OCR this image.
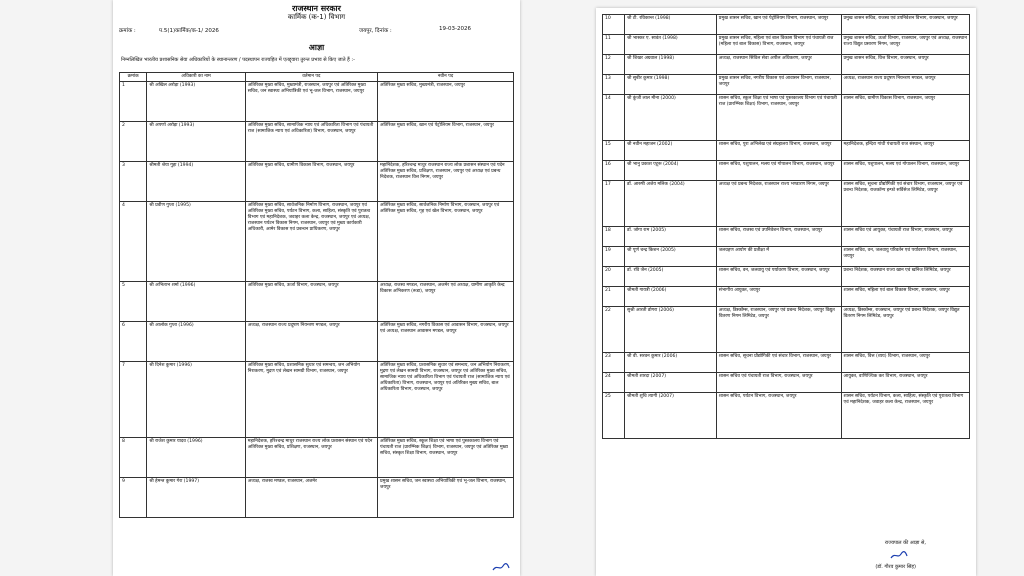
राजस्थान सरकार
कार्मिक (क-1) विभाग
क्रमांक :	प.5(1)कार्मिक/क-1/ 2026	जयपुर, दिनांक :	19-03-2026
आज्ञा
निम्नलिखित भारतीय प्रशासनिक सेवा अधिकारियों के स्थानान्तरण / पदस्थापन राज्यहित में एतद्द्वारा तुरन्त प्रभाव से किए जाते हैं :-
क्रमांक	अधिकारी का नाम	वर्तमान पद	नवीन पद
1	श्री अखिल अरोड़ा (1993)	अतिरिक्त मुख्य सचिव, मुख्यमंत्री, राजस्थान, जयपुर एवं अतिरिक्त मुख्य सचिव, जन स्वास्थ्य अभियांत्रिकी एवं भू-जल विभाग, राजस्थान, जयपुर	अतिरिक्त मुख्य सचिव, मुख्यमंत्री, राजस्थान, जयपुर
2	श्री अपर्णा अरोड़ा (1993)	अतिरिक्त मुख्य सचिव, सामाजिक न्याय एवं अधिकारिता विभाग एवं पंचायती राज (सामाजिक न्याय एवं अधिकारिता) विभाग, राजस्थान, जयपुर	अतिरिक्त मुख्य सचिव, खान एवं पेट्रोलियम विभाग, राजस्थान, जयपुर
3	श्रीमती श्रेया गुहा (1994)	अतिरिक्त मुख्य सचिव, ग्रामीण विकास विभाग, राजस्थान, जयपुर	महानिदेशक, हरिश्चन्द्र माथुर राजस्थान राज्य लोक प्रशासन संस्थान एवं पदेन अतिरिक्त मुख्य सचिव, प्रशिक्षण, राजस्थान, जयपुर एवं अध्यक्ष एवं प्रबन्ध निदेशक, राजस्थान वित्त निगम, जयपुर
4	श्री प्रवीण गुप्ता (1995)	अतिरिक्त मुख्य सचिव, सार्वजनिक निर्माण विभाग, राजस्थान, जयपुर एवं अतिरिक्त मुख्य सचिव, पर्यटन विभाग, कला, साहित्य, संस्कृति एवं पुरातत्व विभाग एवं महानिदेशक, जवाहर कला केन्द्र, राजस्थान, जयपुर एवं अध्यक्ष, राजस्थान पर्यटन विकास निगम, राजस्थान, जयपुर एवं मुख्य कार्यकारी अधिकारी, आमेर विकास एवं प्रबन्धन प्राधिकरण, जयपुर	अतिरिक्त मुख्य सचिव, सार्वजनिक निर्माण विभाग, राजस्थान, जयपुर एवं अतिरिक्त मुख्य सचिव, गृह एवं खेल विभाग, राजस्थान, जयपुर
5	श्री अभिताभ शर्मा (1996)	अतिरिक्त मुख्य सचिव, ऊर्जा विभाग, राजस्थान, जयपुर	अध्यक्ष, राजस्व मण्डल, राजस्थान, अजमेर एवं अध्यक्ष, ग्रामीण आकृति केन्द्र विकास अभिकरण (रूडा), जयपुर
6	श्री आलोक गुप्ता (1996)	अध्यक्ष, राजस्थान राज्य प्रदूषण नियन्त्रण मण्डल, जयपुर	अतिरिक्त मुख्य सचिव, नगरीय विकास एवं आवासन विभाग, राजस्थान, जयपुर एवं अध्यक्ष, राजस्थान आवासन मण्डल, जयपुर
7	श्री दिनेश कुमार (1996)	अतिरिक्त मुख्य सचिव, प्रशासनिक सुधार एवं समन्वय, जन अभियोग निराकरण, मुद्रण एवं लेखन सामग्री विभाग, राजस्थान, जयपुर	अतिरिक्त मुख्य सचिव, प्रशासनिक सुधार एवं समन्वय, जन अभियोग निराकरण, मुद्रण एवं लेखन सामग्री विभाग, राजस्थान, जयपुर एवं अतिरिक्त मुख्य सचिव, सामाजिक न्याय एवं अधिकारिता विभाग एवं पंचायती राज (सामाजिक न्याय एवं अधिकारिता) विभाग, राजस्थान, जयपुर एवं अतिरिक्त मुख्य सचिव, बाल अधिकारिता विभाग, राजस्थान, जयपुर
8	श्री राजेश कुमार यादव (1996)	महानिदेशक, हरिश्चन्द्र माथुर राजस्थान राज्य लोक प्रशासन संस्थान एवं पदेन अतिरिक्त मुख्य सचिव, प्रशिक्षण, राजस्थान, जयपुर	अतिरिक्त मुख्य सचिव, स्कूल शिक्षा एवं भाषा एवं पुस्तकालय विभाग एवं पंचायती राज (प्रारम्भिक शिक्षा) विभाग, राजस्थान, जयपुर एवं अतिरिक्त मुख्य सचिव, संस्कृत शिक्षा विभाग, राजस्थान, जयपुर
9	श्री हेमन्त कुमार गेरा (1997)	अध्यक्ष, राजस्व मण्डल, राजस्थान, अजमेर	प्रमुख शासन सचिव, जन स्वास्थ्य अभियांत्रिकी एवं भू-जल विभाग, राजस्थान, जयपुर
10	श्री टी. रविकान्त (1998)	प्रमुख शासन सचिव, खान एवं पेट्रोलियम विभाग, राजस्थान, जयपुर	प्रमुख शासन सचिव, राजस्व एवं उपनिवेशन विभाग, राजस्थान, जयपुर
11	श्री भास्कर ए. सावंत (1998)	प्रमुख शासन सचिव, महिला एवं बाल विकास विभाग एवं पंचायती राज (महिला एवं बाल विकास) विभाग, राजस्थान, जयपुर	प्रमुख शासन सचिव, ऊर्जा विभाग, राजस्थान, जयपुर एवं अध्यक्ष, राजस्थान राज्य विद्युत प्रसारण निगम, जयपुर
12	श्री शिखर अग्रवाल (1998)	अध्यक्ष, राजस्थान सिविल सेवा अपील अधिकरण, जयपुर	प्रमुख शासन सचिव, वित्त विभाग, राजस्थान, जयपुर
13	श्री सुबीर कुमार (1998)	प्रमुख शासन सचिव, नगरीय विकास एवं आवासन विभाग, राजस्थान, जयपुर	अध्यक्ष, राजस्थान राज्य प्रदूषण नियन्त्रण मण्डल, जयपुर
14	श्री कुंजी लाल मीना (2000)	शासन सचिव, स्कूल शिक्षा एवं भाषा एवं पुस्तकालय विभाग एवं पंचायती राज (प्रारम्भिक शिक्षा) विभाग, राजस्थान, जयपुर	शासन सचिव, ग्रामीण विकास विभाग, राजस्थान, जयपुर
15	श्री नवीन महाजन (2002)	शासन सचिव, पुरा अभिलेख एवं संग्रहालय विभाग, राजस्थान, जयपुर	महानिदेशक, इन्दिरा गांधी पंचायती राज संस्थान, जयपुर
16	श्री भानु प्रकाश एटूरू (2004)	शासन सचिव, पशुपालन, मत्स्य एवं गोपालन विभाग, राजस्थान, जयपुर	शासन सचिव, पशुपालन, मत्स्य एवं गोपालन विभाग, राजस्थान, जयपुर
17	डॉ. आरुषी अजेय मलिक (2004)	अध्यक्ष एवं प्रबन्ध निदेशक, राजस्थान राज्य भण्डारण निगम, जयपुर	शासन सचिव, सूचना प्रौद्योगिकी एवं संचार विभाग, राजस्थान, जयपुर एवं प्रबन्ध निदेशक, राजकॉम्प इन्फो सर्विसेज लिमिटेड, जयपुर
18	डॉ. जोगा राम (2005)	शासन सचिव, राजस्व एवं उपनिवेशन विभाग, राजस्थान, जयपुर	शासन सचिव एवं आयुक्त, पंचायती राज विभाग, राजस्थान, जयपुर
19	श्री पूर्ण चन्द्र किशन (2005)	जलग्रहण आयोग की प्रतीक्षा में	शासन सचिव, वन, जलवायु परिवर्तन एवं पर्यावरण विभाग, राजस्थान, जयपुर
20	डॉ. रवि जैन (2005)	शासन सचिव, वन, जलवायु एवं पर्यावरण विभाग, राजस्थान, जयपुर	प्रबन्ध निदेशक, राजस्थान राज्य खान एवं खनिज लिमिटेड, जयपुर
21	श्रीमती गायत्री (2006)	संभागीय आयुक्त, जयपुर	शासन सचिव, महिला एवं बाल विकास विभाग, राजस्थान, जयपुर
22	सुश्री आरती डोगरा (2006)	अध्यक्ष, डिस्कॉम्स, राजस्थान, जयपुर एवं प्रबन्ध निदेशक, जयपुर विद्युत वितरण निगम लिमिटेड, जयपुर	अध्यक्ष, डिस्कॉम्स, राजस्थान, जयपुर एवं प्रबन्ध निदेशक, जयपुर विद्युत वितरण निगम लिमिटेड, जयपुर
23	श्री वी. सरवन कुमार (2006)	शासन सचिव, सूचना प्रौद्योगिकी एवं संचार विभाग, राजस्थान, जयपुर	शासन सचिव, वित्त (व्यय) विभाग, राजस्थान, जयपुर
24	श्रीमती शारदा (2007)	शासन सचिव एवं पंचायती राज विभाग, राजस्थान, जयपुर	आयुक्त, वाणिज्यिक कर विभाग, राजस्थान, जयपुर
25	श्रीमती शुचि त्यागी (2007)	शासन सचिव, पर्यटन विभाग, राजस्थान, जयपुर	शासन सचिव, पर्यटन विभाग, कला, साहित्य, संस्कृति एवं पुरातत्व विभाग एवं महानिदेशक, जवाहर कला केन्द्र, राजस्थान, जयपुर
राज्यपाल की आज्ञा से,
(डॉ. गौरव कुमार सिंह)
